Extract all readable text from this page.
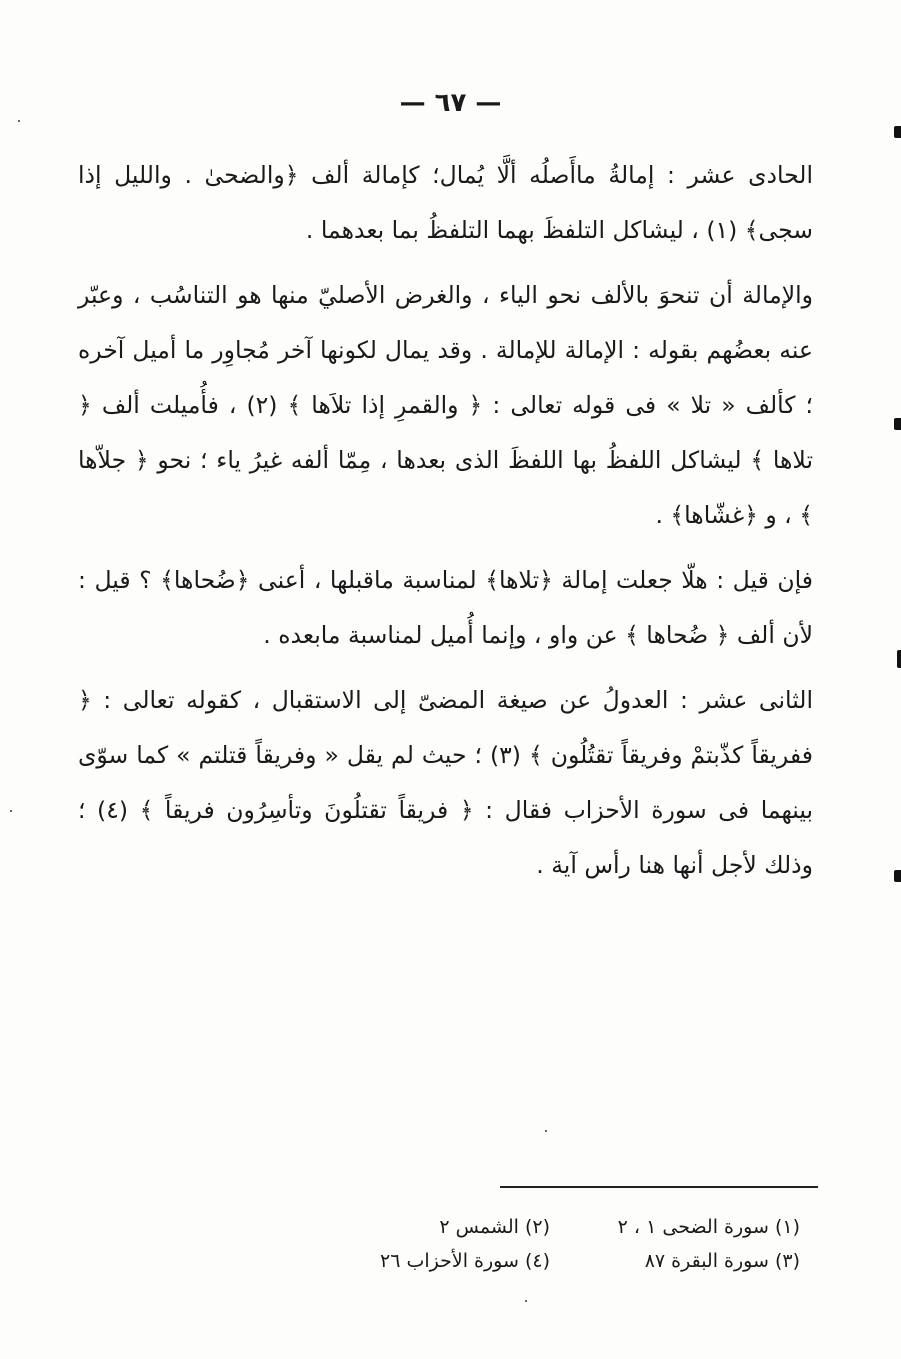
— ٦٧ —

الحادى عشر : إمالةُ ماأَصلُه ألَّا يُمال؛ كإمالة ألف ﴿والضحىٰ . والليل إذا سجى﴾ (١) ، ليشاكل التلفظَ بهما التلفظُ بما بعدهما .

والإمالة أن تنحوَ بالألف نحو الياء ، والغرض الأصليّ منها هو التناسُب ، وعبّر عنه بعضُهم بقوله : الإمالة للإمالة . وقد يمال لكونها آخر مُجاوِر ما أميل آخره ؛ كألف « تلا » فى قوله تعالى : ﴿ والقمرِ إذا تلاَها ﴾ (٢) ، فأُميلت ألف ﴿ تلاها ﴾ ليشاكل اللفظُ بها اللفظَ الذى بعدها ، مِمّا ألفه غيرُ ياء ؛ نحو ﴿ جلاّها ﴾ ، و ﴿غشّاها﴾ .

فإن قيل : هلّا جعلت إمالة ﴿تلاها﴾ لمناسبة ماقبلها ، أعنى ﴿ضُحاها﴾ ؟ قيل : لأن ألف ﴿ ضُحاها ﴾ عن واو ، وإنما أُميل لمناسبة مابعده .

الثانى عشر : العدولُ عن صيغة المضىّ إلى الاستقبال ، كقوله تعالى : ﴿ ففريقاً كذّبتمْ وفريقاً تقتُلُون ﴾ (٣) ؛ حيث لم يقل « وفريقاً قتلتم » كما سوّى بينهما فى سورة الأحزاب فقال : ﴿ فريقاً تقتلُونَ وتأسِرُون فريقاً ﴾ (٤) ؛ وذلك لأجل أنها هنا رأس آية .

(١) سورة الضحى ١ ، ٢
(٢) الشمس ٢
(٣) سورة البقرة ٨٧
(٤) سورة الأحزاب ٢٦
